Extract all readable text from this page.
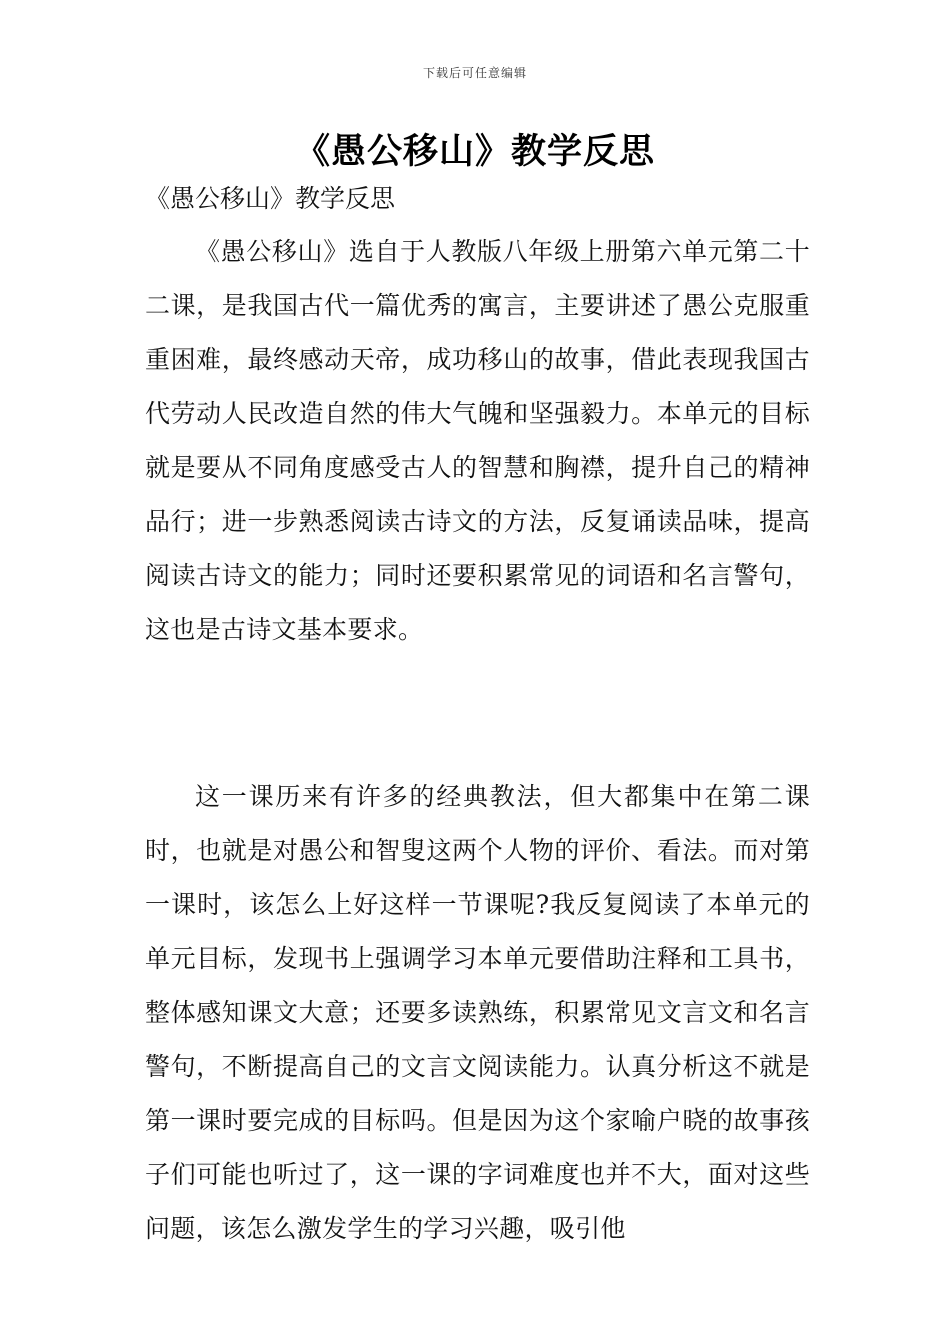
下载后可任意编辑
《愚公移山》教学反思
《愚公移山》教学反思

《愚公移山》选自于人教版八年级上册第六单元第二十二课，是我国古代一篇优秀的寓言，主要讲述了愚公克服重重困难，最终感动天帝，成功移山的故事，借此表现我国古代劳动人民改造自然的伟大气魄和坚强毅力。本单元的目标就是要从不同角度感受古人的智慧和胸襟，提升自己的精神品行；进一步熟悉阅读古诗文的方法，反复诵读品味，提高阅读古诗文的能力；同时还要积累常见的词语和名言警句，这也是古诗文基本要求。

这一课历来有许多的经典教法，但大都集中在第二课时，也就是对愚公和智叟这两个人物的评价、看法。而对第一课时，该怎么上好这样一节课呢?我反复阅读了本单元的单元目标，发现书上强调学习本单元要借助注释和工具书，整体感知课文大意；还要多读熟练，积累常见文言文和名言警句，不断提高自己的文言文阅读能力。认真分析这不就是第一课时要完成的目标吗。但是因为这个家喻户晓的故事孩子们可能也听过了，这一课的字词难度也并不大，面对这些问题，该怎么激发学生的学习兴趣，吸引他
